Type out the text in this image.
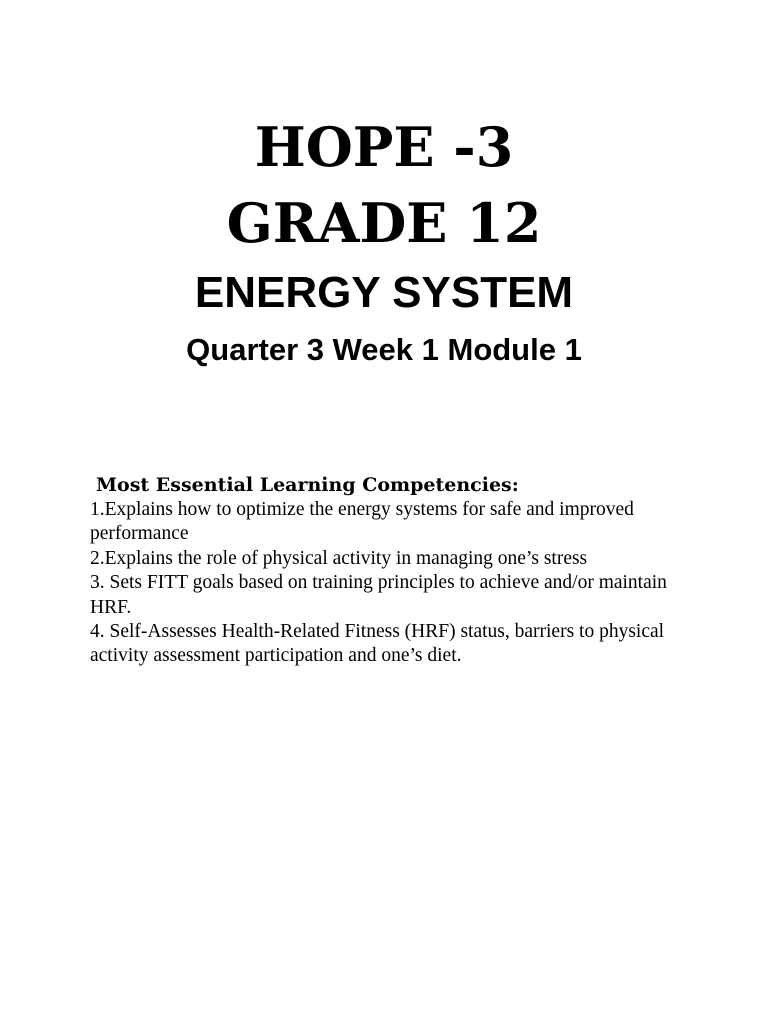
HOPE -3
GRADE 12
ENERGY SYSTEM
Quarter 3 Week 1 Module 1

Most Essential Learning Competencies:

1.Explains how to optimize the energy systems for safe and improved performance
2.Explains the role of physical activity in managing one’s stress
3. Sets FITT goals based on training principles to achieve and/or maintain HRF.
4. Self-Assesses Health-Related Fitness (HRF) status, barriers to physical activity assessment participation and one’s diet.
